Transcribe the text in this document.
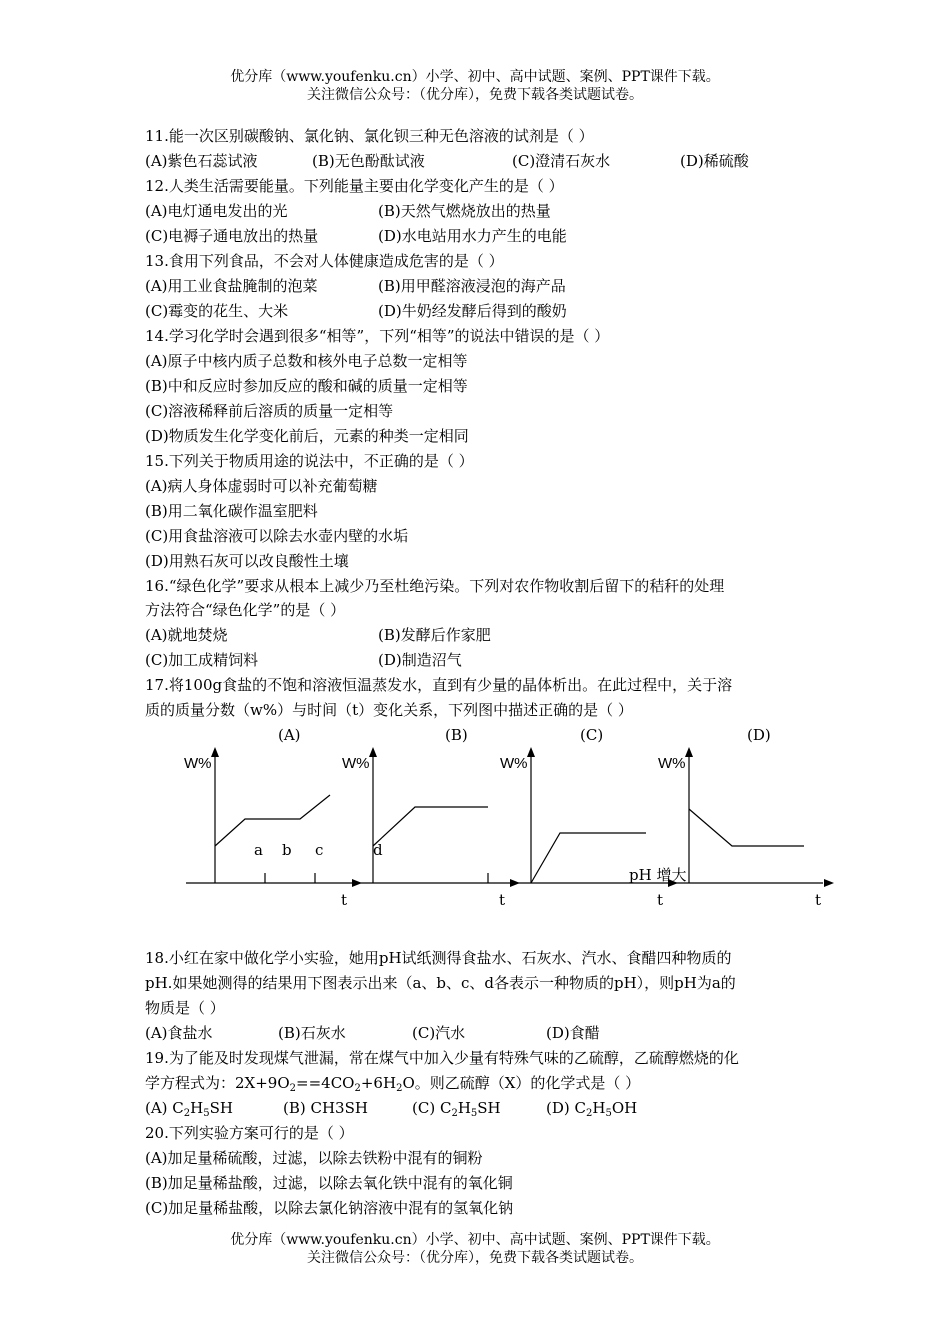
优分库（www.youfenku.cn）小学、初中、高中试题、案例、PPT课件下载。
关注微信公众号：（优分库），免费下载各类试题试卷。
11.能一次区别碳酸钠、氯化钠、氯化钡三种无色溶液的试剂是（ ）
(A)紫色石蕊试液	(B)无色酚酞试液	(C)澄清石灰水	(D)稀硫酸
12.人类生活需要能量。下列能量主要由化学变化产生的是（ ）
(A)电灯通电发出的光	(B)天然气燃烧放出的热量
(C)电褥子通电放出的热量	(D)水电站用水力产生的电能
13.食用下列食品，不会对人体健康造成危害的是（ ）
(A)用工业食盐腌制的泡菜	(B)用甲醛溶液浸泡的海产品
(C)霉变的花生、大米	(D)牛奶经发酵后得到的酸奶
14.学习化学时会遇到很多“相等”，下列“相等”的说法中错误的是（ ）
(A)原子中核内质子总数和核外电子总数一定相等
(B)中和反应时参加反应的酸和碱的质量一定相等
(C)溶液稀释前后溶质的质量一定相等
(D)物质发生化学变化前后，元素的种类一定相同
15.下列关于物质用途的说法中，不正确的是（ ）
(A)病人身体虚弱时可以补充葡萄糖
(B)用二氧化碳作温室肥料
(C)用食盐溶液可以除去水壶内壁的水垢
(D)用熟石灰可以改良酸性土壤
16.“绿色化学”要求从根本上减少乃至杜绝污染。下列对农作物收割后留下的秸秆的处理
方法符合“绿色化学”的是（ ）
(A)就地焚烧	(B)发酵后作家肥
(C)加工成精饲料	(D)制造沼气
17.将100g食盐的不饱和溶液恒温蒸发水，直到有少量的晶体析出。在此过程中，关于溶
质的质量分数（w%）与时间（t）变化关系，下列图中描述正确的是（ ）
(A)	(B)	(C)	(D)
W%	W%	W%	W%
t	t	t	t
a b c	d
pH 增大
18.小红在家中做化学小实验，她用pH试纸测得食盐水、石灰水、汽水、食醋四种物质的
pH.如果她测得的结果用下图表示出来（a、b、c、d各表示一种物质的pH），则pH为a的
物质是（ ）
(A)食盐水	(B)石灰水	(C)汽水	(D)食醋
19.为了能及时发现煤气泄漏，常在煤气中加入少量有特殊气味的乙硫醇，乙硫醇燃烧的化
学方程式为：$2X+9O_2==4CO_2+6H_2O$。则乙硫醇（X）的化学式是（ ）
(A) $C_2H_5SH$	(B) CH3SH	(C) $C_2H_5SH$	(D) $C_2H_5OH$
20.下列实验方案可行的是（ ）
(A)加足量稀硫酸，过滤，以除去铁粉中混有的铜粉
(B)加足量稀盐酸，过滤，以除去氧化铁中混有的氧化铜
(C)加足量稀盐酸，以除去氯化钠溶液中混有的氢氧化钠
优分库（www.youfenku.cn）小学、初中、高中试题、案例、PPT课件下载。
关注微信公众号：（优分库），免费下载各类试题试卷。
